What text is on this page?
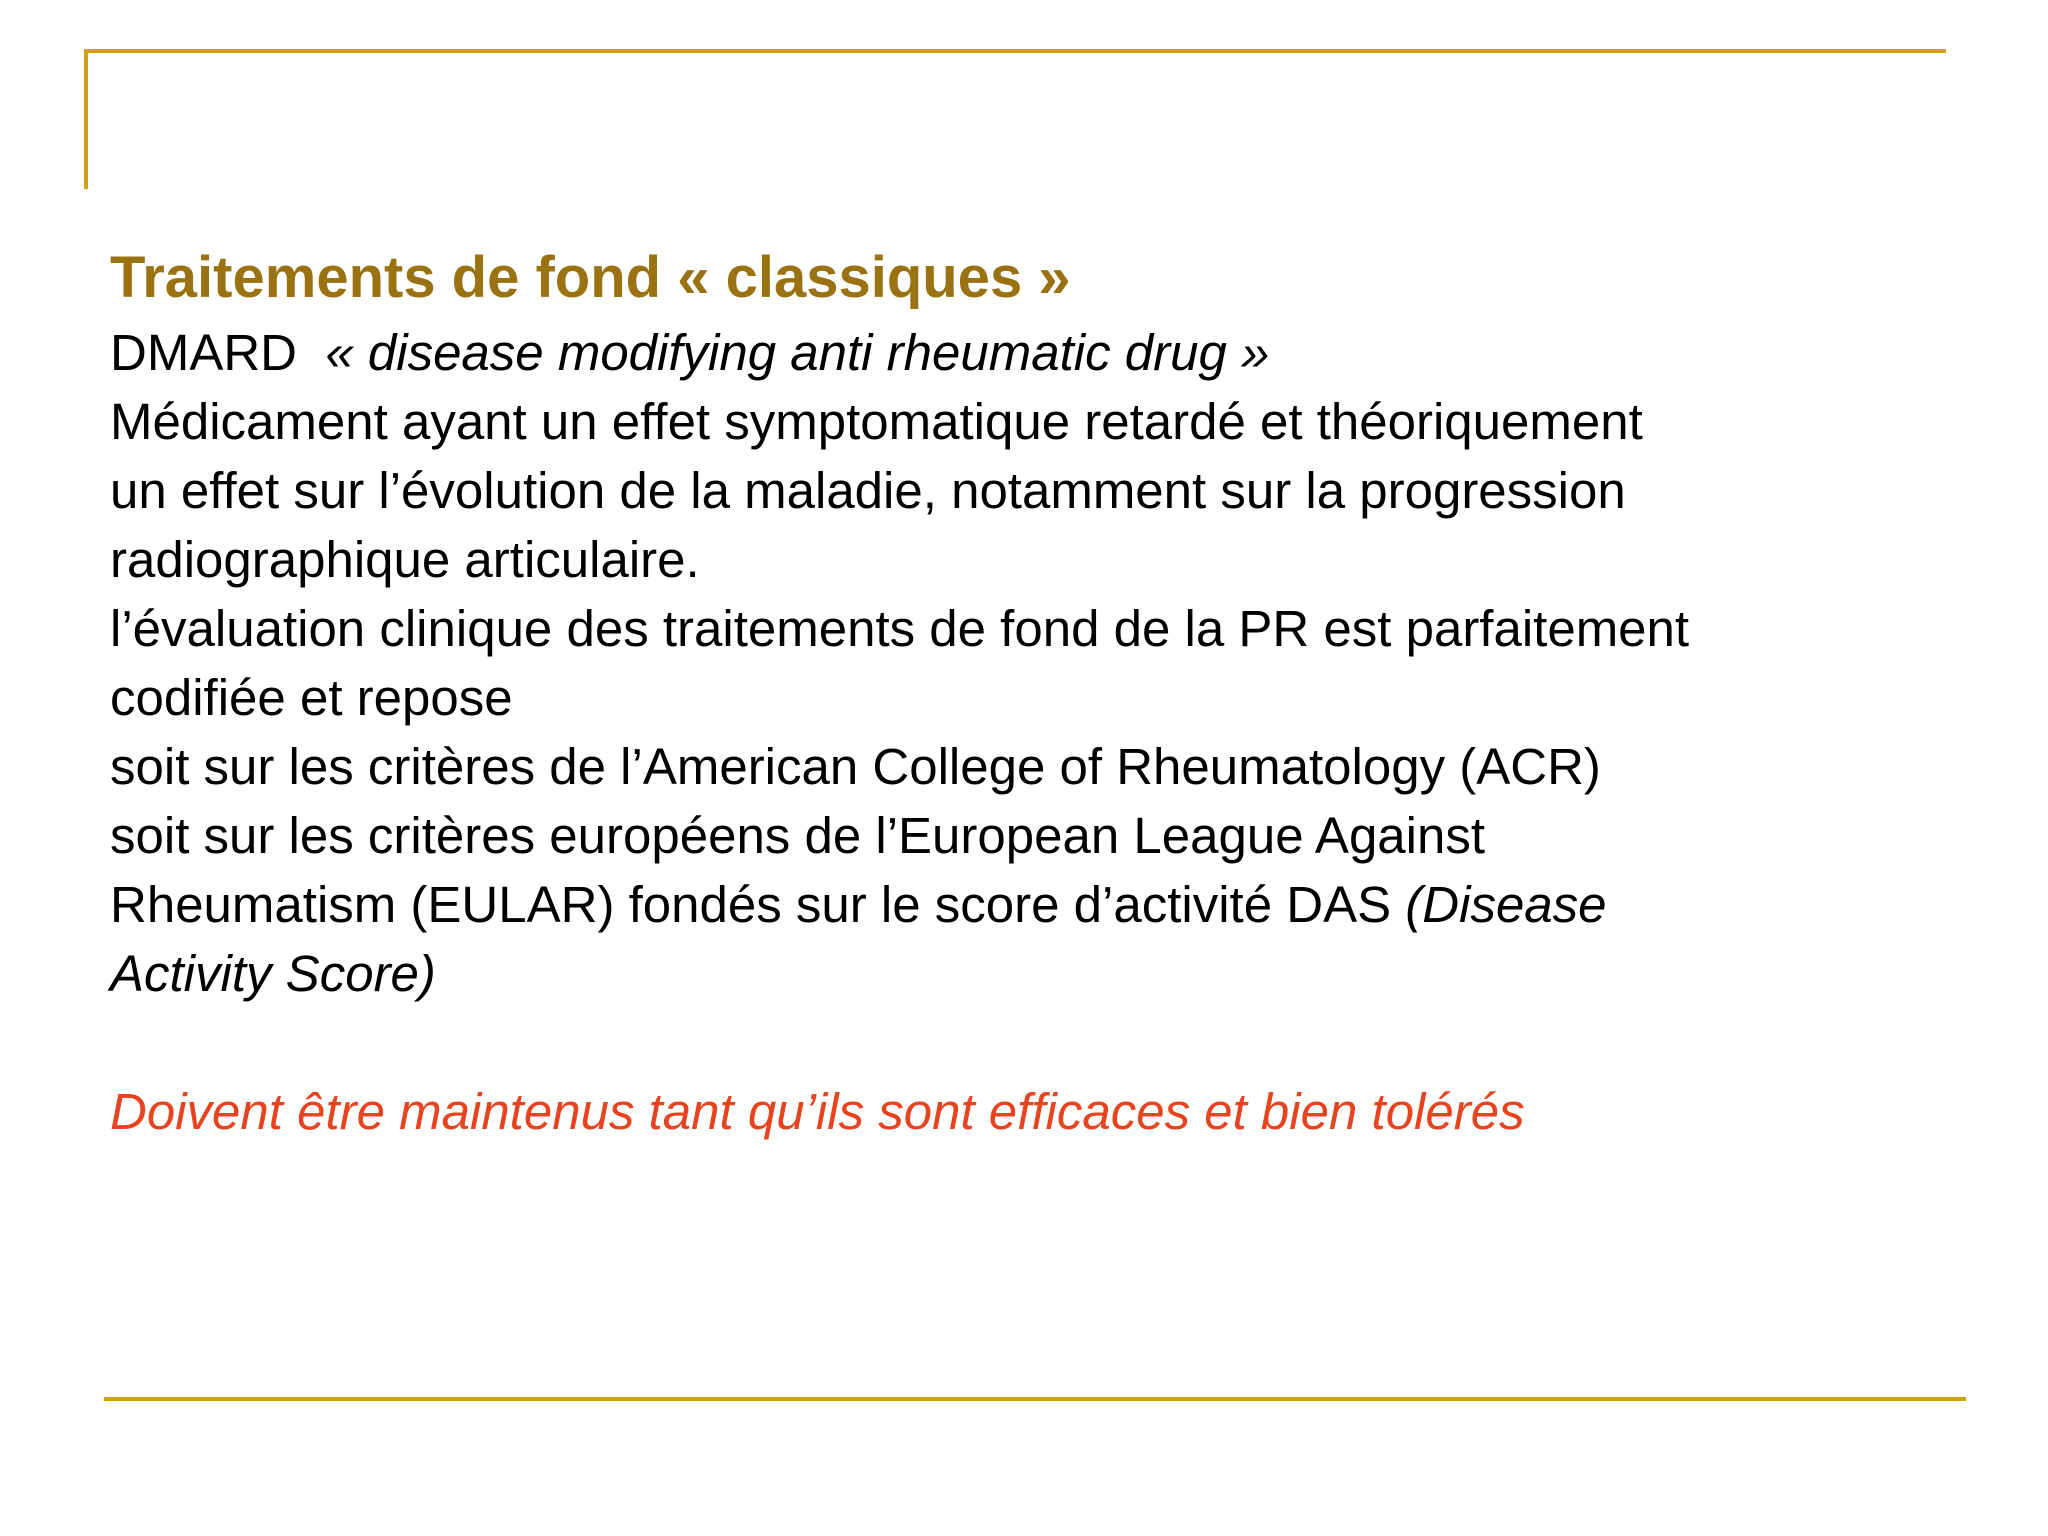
Traitements de fond « classiques »

DMARD « disease modifying anti rheumatic drug »

Médicament ayant un effet symptomatique retardé et théoriquement

un effet sur l’évolution de la maladie, notamment sur la progression

radiographique articulaire.

l’évaluation clinique des traitements de fond de la PR est parfaitement

codifiée et repose

soit sur les critères de l’American College of Rheumatology (ACR)

soit sur les critères européens de l’European League Against

Rheumatism (EULAR) fondés sur le score d’activité DAS (Disease

Activity Score)

Doivent être maintenus tant qu’ils sont efficaces et bien tolérés
